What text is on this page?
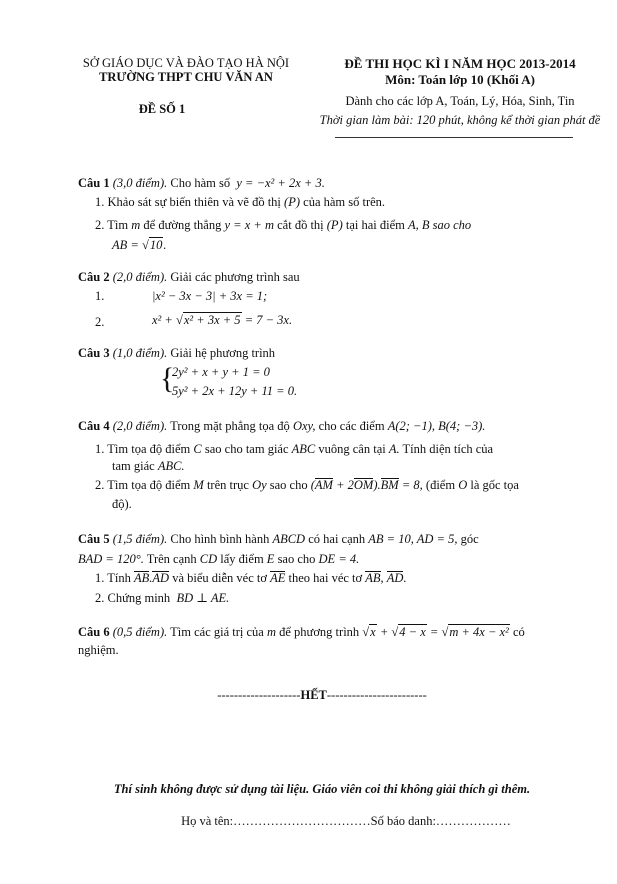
SỞ GIÁO DỤC VÀ ĐÀO TẠO HÀ NỘI
TRƯỜNG THPT CHU VĂN AN
ĐỀ SỐ 1
ĐỀ THI HỌC KÌ I NĂM HỌC 2013-2014
Môn: Toán lớp 10 (Khối A)
Dành cho các lớp A, Toán, Lý, Hóa, Sinh, Tin
Thời gian làm bài: 120 phút, không kể thời gian phát đề
Câu 1 (3,0 điểm). Cho hàm số  y = −x² + 2x + 3.
1. Khảo sát sự biến thiên và vẽ đồ thị (P) của hàm số trên.
2. Tìm m để đường thẳng y = x + m cắt đồ thị (P) tại hai điểm A, B sao cho
AB = √10.
Câu 2 (2,0 điểm). Giải các phương trình sau
1.	|x² − 3x − 3| + 3x = 1;
2.	x² + √x² + 3x + 5 = 7 − 3x.
Câu 3 (1,0 điểm). Giải hệ phương trình
{
2y² + x + y + 1 = 0
5y² + 2x + 12y + 11 = 0.
Câu 4 (2,0 điểm). Trong mặt phẳng tọa độ Oxy, cho các điểm A(2; −1), B(4; −3).
1. Tìm tọa độ điểm C sao cho tam giác ABC vuông cân tại A. Tính diện tích của
tam giác ABC.
2. Tìm tọa độ điểm M trên trục Oy sao cho (AM + 2OM).BM = 8, (điểm O là gốc tọa
độ).
Câu 5 (1,5 điểm). Cho hình bình hành ABCD có hai cạnh AB = 10, AD = 5, góc
BAD = 120°. Trên cạnh CD lấy điểm E sao cho DE = 4.
1. Tính AB.AD và biểu diễn véc tơ AE theo hai véc tơ AB, AD.
2. Chứng minh  BD ⊥ AE.
Câu 6 (0,5 điểm). Tìm các giá trị của m để phương trình √x + √4 − x = √m + 4x − x² có
nghiệm.
--------------------HẾT------------------------
Thí sinh không được sử dụng tài liệu. Giáo viên coi thi không giải thích gì thêm.
Họ và tên:……………………………Số báo danh:………………
